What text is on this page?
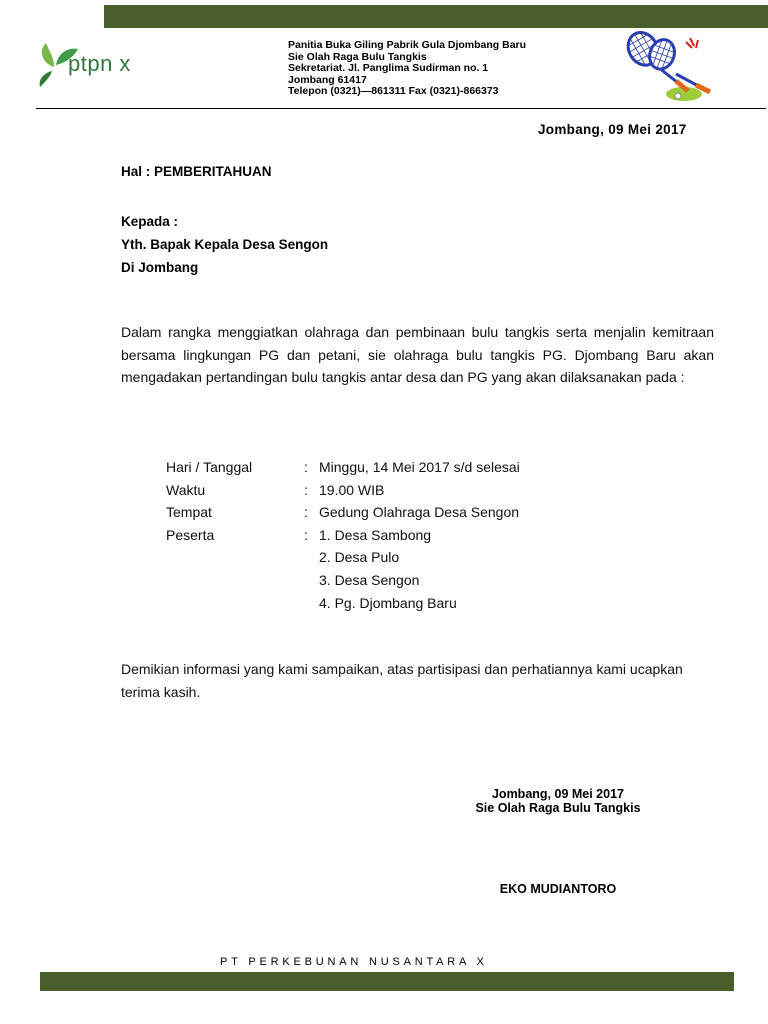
ptpn x
Panitia Buka Giling Pabrik Gula Djombang Baru
Sie Olah Raga Bulu Tangkis
Sekretariat. Jl. Panglima Sudirman no. 1
Jombang 61417
Telepon (0321)—861311 Fax (0321)-866373
Jombang, 09 Mei 2017
Hal : PEMBERITAHUAN
Kepada :
Yth. Bapak Kepala Desa Sengon
Di Jombang
Dalam rangka menggiatkan olahraga dan pembinaan bulu tangkis serta menjalin kemitraan bersama lingkungan PG dan petani, sie olahraga bulu tangkis PG. Djombang Baru akan mengadakan pertandingan bulu tangkis antar desa dan PG yang akan dilaksanakan pada :
Hari / Tanggal	: Minggu, 14 Mei 2017 s/d selesai
Waktu	: 19.00 WIB
Tempat	: Gedung Olahraga Desa Sengon
Peserta	: 1. Desa Sambong
2. Desa Pulo
3. Desa Sengon
4. Pg. Djombang Baru
Demikian informasi yang kami sampaikan, atas partisipasi dan perhatiannya kami ucapkan terima kasih.
Jombang, 09 Mei 2017
Sie Olah Raga Bulu Tangkis
EKO MUDIANTORO
PT PERKEBUNAN NUSANTARA X
